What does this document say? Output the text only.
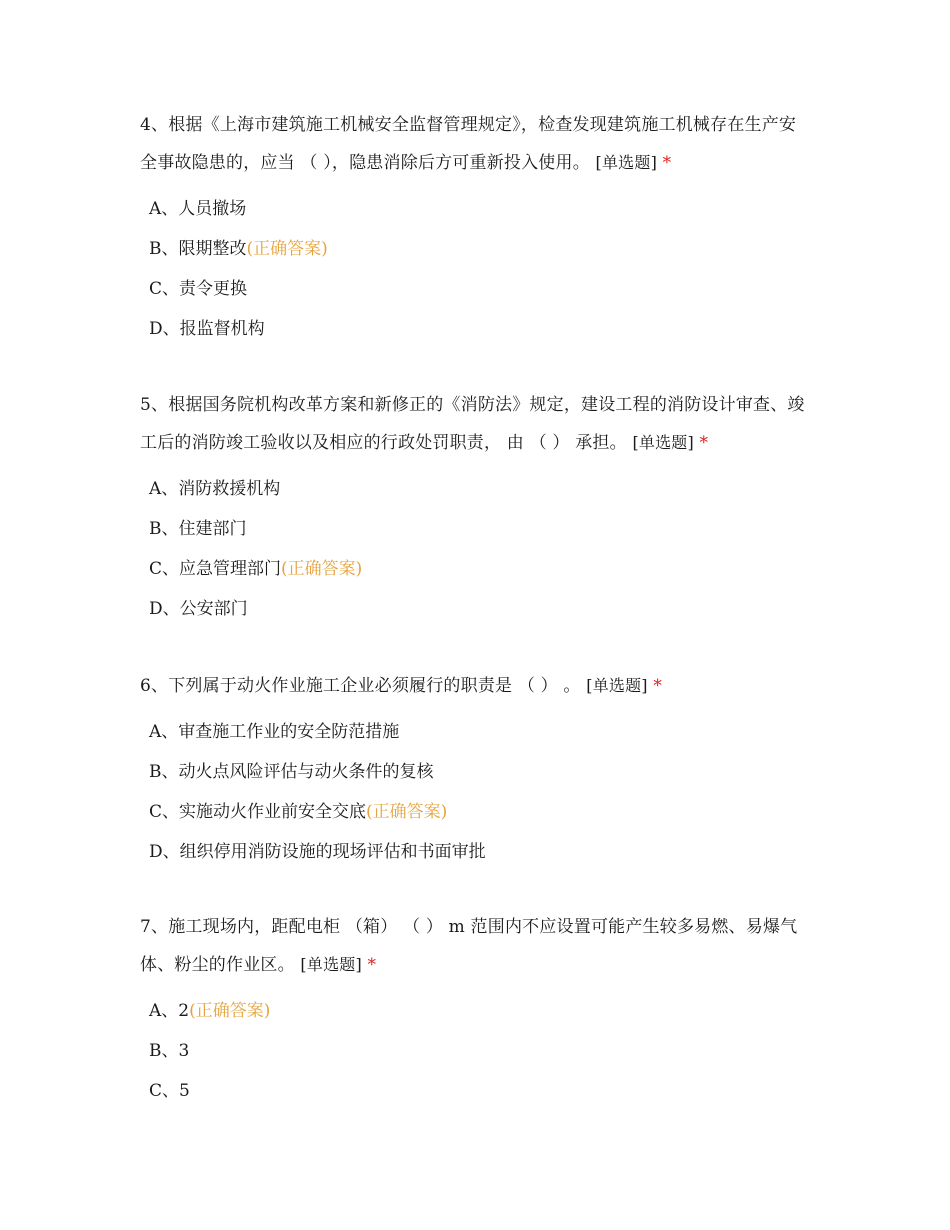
4、根据《上海市建筑施工机械安全监督管理规定》，检查发现建筑施工机械存在生产安全事故隐患的，应当 （ ），隐患消除后方可重新投入使用。 [单选题] *

A、人员撤场
B、限期整改(正确答案)
C、责令更换
D、报监督机构

5、根据国务院机构改革方案和新修正的《消防法》规定，建设工程的消防设计审查、竣工后的消防竣工验收以及相应的行政处罚职责， 由 （ ） 承担。 [单选题] *

A、消防救援机构
B、住建部门
C、应急管理部门(正确答案)
D、公安部门

6、下列属于动火作业施工企业必须履行的职责是 （ ） 。 [单选题] *

A、审查施工作业的安全防范措施
B、动火点风险评估与动火条件的复核
C、实施动火作业前安全交底(正确答案)
D、组织停用消防设施的现场评估和书面审批

7、施工现场内，距配电柜 （箱） （ ） m 范围内不应设置可能产生较多易燃、易爆气体、粉尘的作业区。 [单选题] *

A、2(正确答案)
B、3
C、5
